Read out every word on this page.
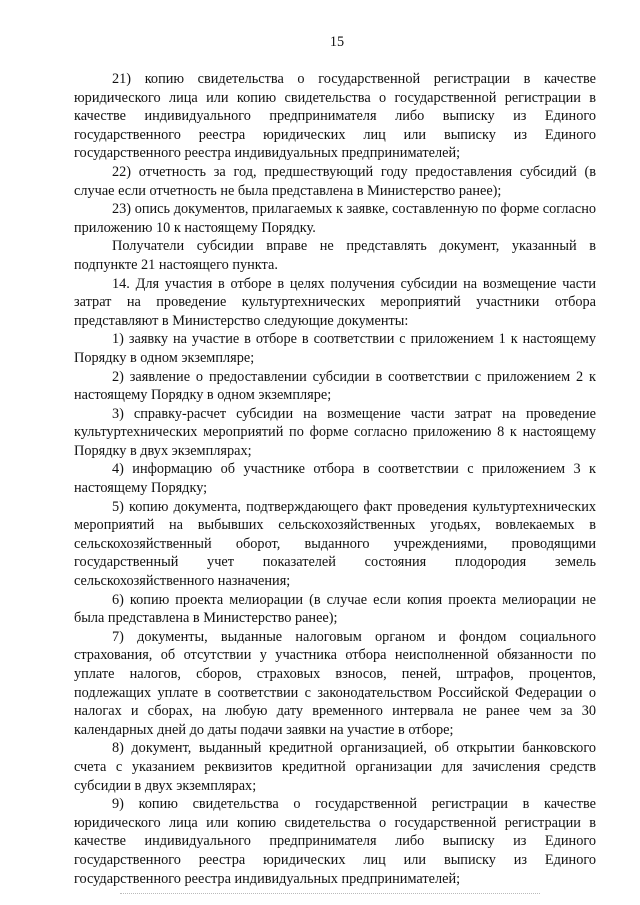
15

21) копию свидетельства о государственной регистрации в качестве юридического лица или копию свидетельства о государственной регистрации в качестве индивидуального предпринимателя либо выписку из Единого государственного реестра юридических лиц или выписку из Единого государственного реестра индивидуальных предпринимателей;

22) отчетность за год, предшествующий году предоставления субсидий (в случае если отчетность не была представлена в Министерство ранее);

23) опись документов, прилагаемых к заявке, составленную по форме согласно приложению 10 к настоящему Порядку.

Получатели субсидии вправе не представлять документ, указанный в подпункте 21 настоящего пункта.

14. Для участия в отборе в целях получения субсидии на возмещение части затрат на проведение культуртехнических мероприятий участники отбора представляют в Министерство следующие документы:

1) заявку на участие в отборе в соответствии с приложением 1 к настоящему Порядку в одном экземпляре;

2) заявление о предоставлении субсидии в соответствии с приложением 2 к настоящему Порядку в одном экземпляре;

3) справку-расчет субсидии на возмещение части затрат на проведение культуртехнических мероприятий по форме согласно приложению 8 к настоящему Порядку в двух экземплярах;

4) информацию об участнике отбора в соответствии с приложением 3 к настоящему Порядку;

5) копию документа, подтверждающего факт проведения культуртехнических мероприятий на выбывших сельскохозяйственных угодьях, вовлекаемых в сельскохозяйственный оборот, выданного учреждениями, проводящими государственный учет показателей состояния плодородия земель сельскохозяйственного назначения;

6) копию проекта мелиорации (в случае если копия проекта мелиорации не была представлена в Министерство ранее);

7) документы, выданные налоговым органом и фондом социального страхования, об отсутствии у участника отбора неисполненной обязанности по уплате налогов, сборов, страховых взносов, пеней, штрафов, процентов, подлежащих уплате в соответствии с законодательством Российской Федерации о налогах и сборах, на любую дату временного интервала не ранее чем за 30 календарных дней до даты подачи заявки на участие в отборе;

8) документ, выданный кредитной организацией, об открытии банковского счета с указанием реквизитов кредитной организации для зачисления средств субсидии в двух экземплярах;

9) копию свидетельства о государственной регистрации в качестве юридического лица или копию свидетельства о государственной регистрации в качестве индивидуального предпринимателя либо выписку из Единого государственного реестра юридических лиц или выписку из Единого государственного реестра индивидуальных предпринимателей;
